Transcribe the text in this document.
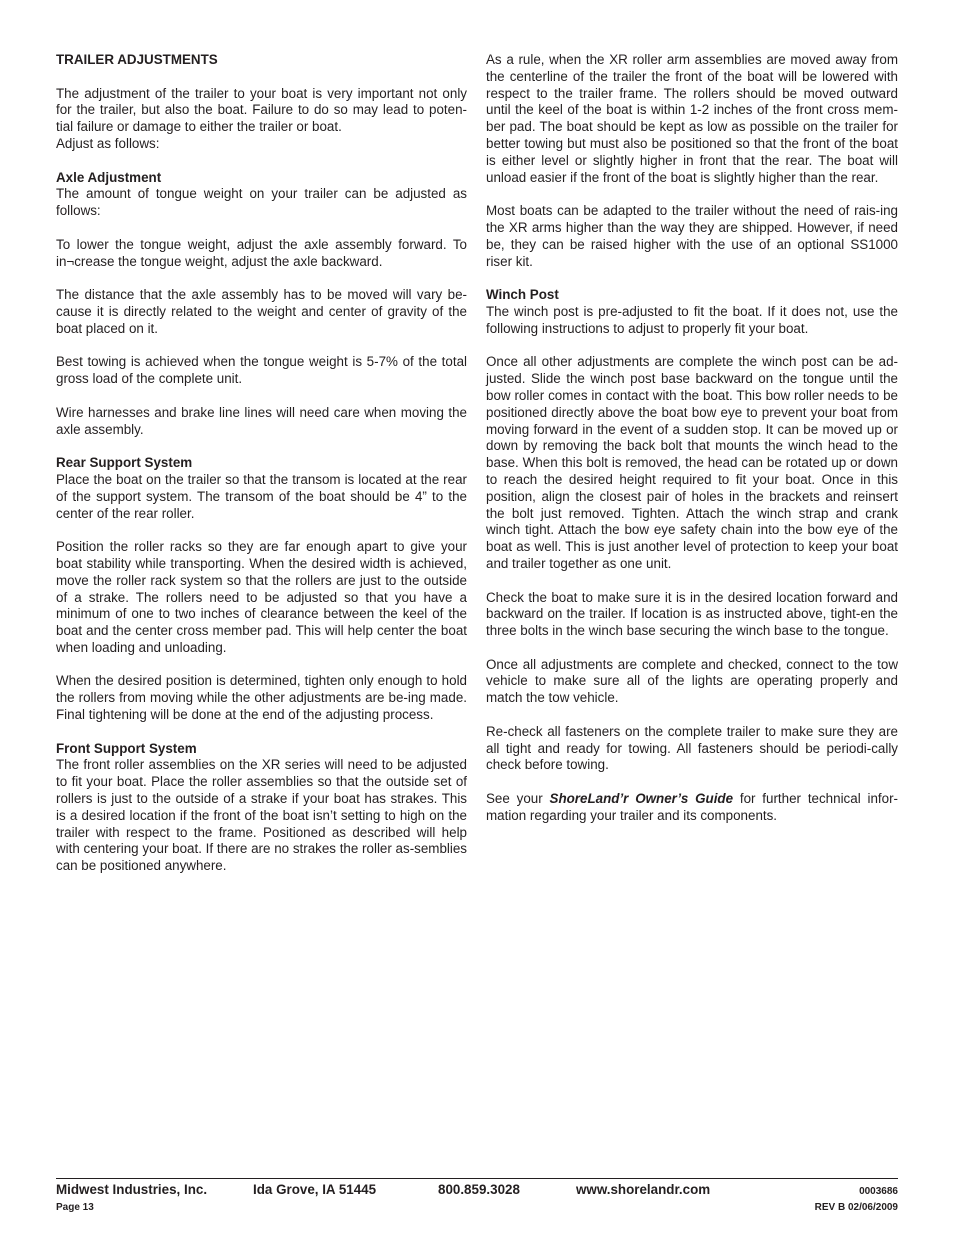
TRAILER ADJUSTMENTS

The adjustment of the trailer to your boat is very important not only for the trailer, but also the boat. Failure to do so may lead to poten-tial failure or damage to either the trailer or boat.

Adjust as follows:

Axle Adjustment

The amount of tongue weight on your trailer can be adjusted as follows:

To lower the tongue weight, adjust the axle assembly forward. To in¬crease the tongue weight, adjust the axle backward.

The distance that the axle assembly has to be moved will vary be-cause it is directly related to the weight and center of gravity of the boat placed on it.

Best towing is achieved when the tongue weight is 5-7% of the total gross load of the complete unit.

Wire harnesses and brake line lines will need care when moving the axle assembly.

Rear Support System

Place the boat on the trailer so that the transom is located at the rear of the support system. The transom of the boat should be 4” to the center of the rear roller.

Position the roller racks so they are far enough apart to give your boat stability while transporting. When the desired width is achieved, move the roller rack system so that the rollers are just to the outside of a strake. The rollers need to be adjusted so that you have a minimum of one to two inches of clearance between the keel of the boat and the center cross member pad. This will help center the boat when loading and unloading.

When the desired position is determined, tighten only enough to hold the rollers from moving while the other adjustments are be-ing made. Final tightening will be done at the end of the adjusting process.

Front Support System

The front roller assemblies on the XR series will need to be adjusted to fit your boat. Place the roller assemblies so that the outside set of rollers is just to the outside of a strake if your boat has strakes. This is a desired location if the front of the boat isn’t setting to high on the trailer with respect to the frame. Positioned as described will help with centering your boat. If there are no strakes the roller as-semblies can be positioned anywhere.

As a rule, when the XR roller arm assemblies are moved away from the centerline of the trailer the front of the boat will be lowered with respect to the trailer frame. The rollers should be moved outward until the keel of the boat is within 1-2 inches of the front cross mem-ber pad. The boat should be kept as low as possible on the trailer for better towing but must also be positioned so that the front of the boat is either level or slightly higher in front that the rear. The boat will unload easier if the front of the boat is slightly higher than the rear.

Most boats can be adapted to the trailer without the need of rais-ing the XR arms higher than the way they are shipped. However, if need be, they can be raised higher with the use of an optional SS1000 riser kit.

Winch Post

The winch post is pre-adjusted to fit the boat. If it does not, use the following instructions to adjust to properly fit your boat.

Once all other adjustments are complete the winch post can be ad-justed. Slide the winch post base backward on the tongue until the bow roller comes in contact with the boat. This bow roller needs to be positioned directly above the boat bow eye to prevent your boat from moving forward in the event of a sudden stop. It can be moved up or down by removing the back bolt that mounts the winch head to the base. When this bolt is removed, the head can be rotated up or down to reach the desired height required to fit your boat. Once in this position, align the closest pair of holes in the brackets and reinsert the bolt just removed. Tighten. Attach the winch strap and crank winch tight. Attach the bow eye safety chain into the bow eye of the boat as well. This is just another level of protection to keep your boat and trailer together as one unit.

Check the boat to make sure it is in the desired location forward and backward on the trailer. If location is as instructed above, tight-en the three bolts in the winch base securing the winch base to the tongue.

Once all adjustments are complete and checked, connect to the tow vehicle to make sure all of the lights are operating properly and match the tow vehicle.

Re-check all fasteners on the complete trailer to make sure they are all tight and ready for towing. All fasteners should be periodi-cally check before towing.

See your ShoreLand’r Owner’s Guide for further technical infor-mation regarding your trailer and its components.

Midwest Industries, Inc.	Ida Grove, IA 51445	800.859.3028	www.shorelandr.com	0003686
Page 13	REV B 02/06/2009
